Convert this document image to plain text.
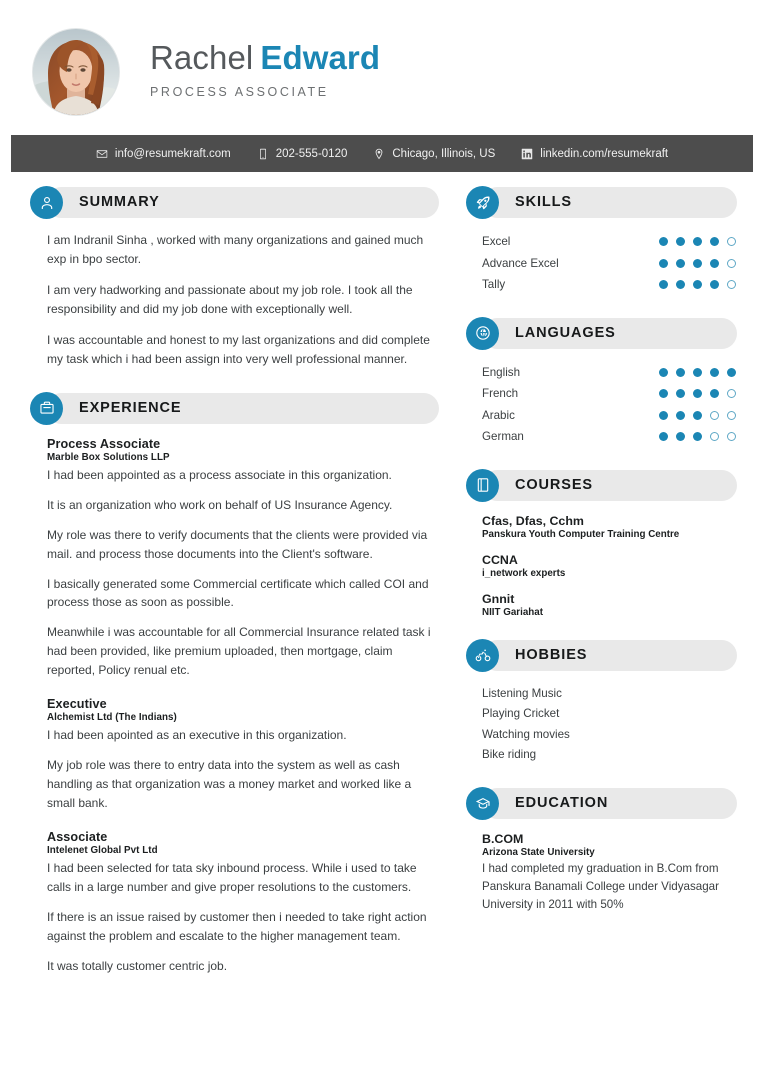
Rachel Edward
PROCESS ASSOCIATE
info@resumekraft.com	202-555-0120	Chicago, Illinois, US	linkedin.com/resumekraft
SUMMARY

I am Indranil Sinha , worked with many organizations and gained much exp in bpo sector.

I am very hadworking and passionate about my job role. I took all the responsibility and did my job done with exceptionally well.

I was accountable and honest to my last organizations and did complete my task which i had been assign into very well professional manner.

EXPERIENCE
Process Associate
Marble Box Solutions LLP

I had been appointed as a process associate in this organization.

It is an organization who work on behalf of US Insurance Agency.

My role was there to verify documents that the clients were provided via mail. and process those documents into the Client's software.

I basically generated some Commercial certificate which called COI and process those as soon as possible.

Meanwhile i was accountable for all Commercial Insurance related task i had been provided, like premium uploaded, then mortgage, claim reported, Policy renual etc.

Executive
Alchemist Ltd (The Indians)

I had been apointed as an executive in this organization.

My job role was there to entry data into the system as well as cash handling as that organization was a money market and worked like a small bank.

Associate
Intelenet Global Pvt Ltd

I had been selected for tata sky inbound process. While i used to take calls in a large number and give proper resolutions to the customers.

If there is an issue raised by customer then i needed to take right action against the problem and escalate to the higher management team.

It was totally customer centric job.

SKILLS
Excel
Advance Excel
Tally
LANGUAGES
English
French
Arabic
German
COURSES
Cfas, Dfas, Cchm
Panskura Youth Computer Training Centre
CCNA
i_network experts
Gnnit
NIIT Gariahat
HOBBIES
Listening Music
Playing Cricket
Watching movies
Bike riding
EDUCATION
B.COM
Arizona State University
I had completed my graduation in B.Com from Panskura Banamali College under Vidyasagar University in 2011 with 50%
